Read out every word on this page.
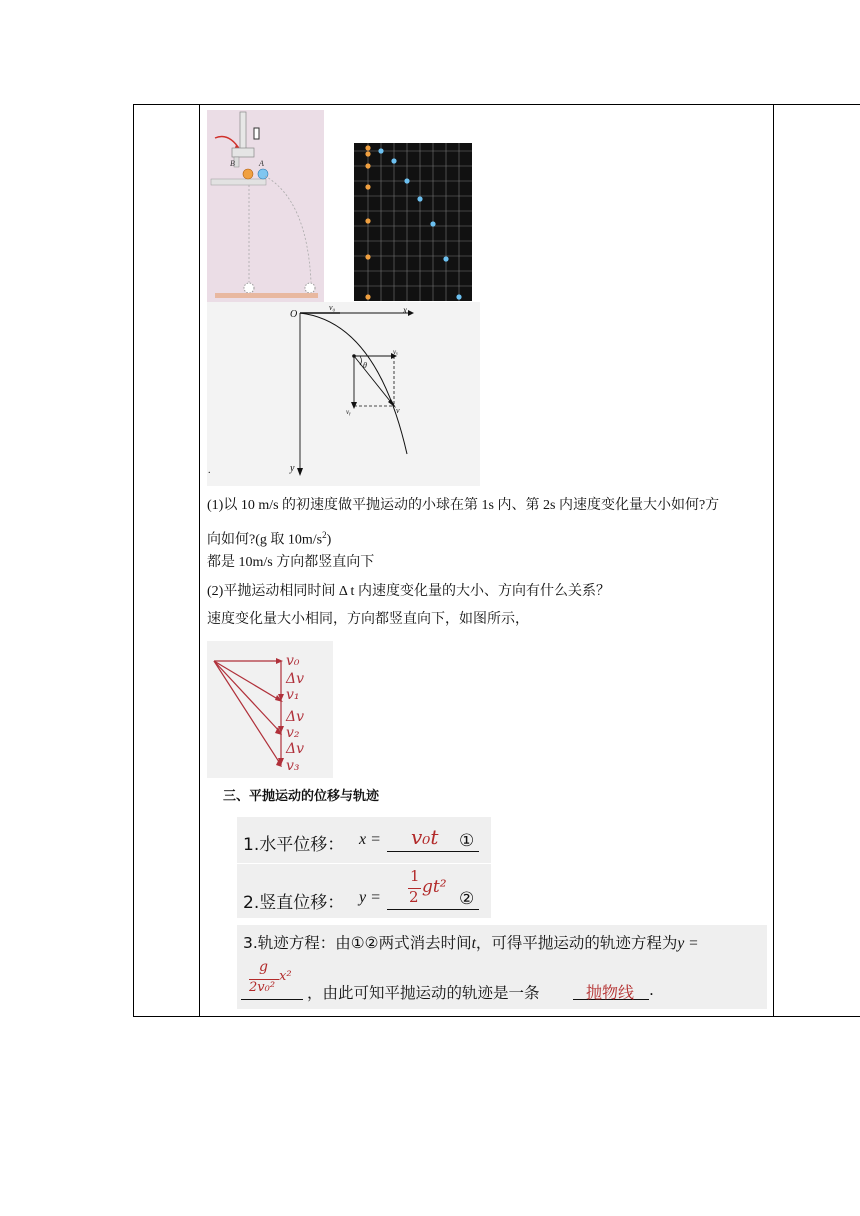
B	A
O
v₀	x
vₓ
θ
vᵧ	v
y
.
(1)以 10 m/s 的初速度做平抛运动的小球在第 1s 内、第 2s 内速度变化量大小如何?方
向如何?(g 取 $10m/s^2$)
都是 10m/s 方向都竖直向下
(2)平抛运动相同时间 Δ t 内速度变化量的大小、方向有什么关系？
速度变化量大小相同，方向都竖直向下，如图所示，
v₀
Δv
v₁
Δv
v₂
Δv
v₃
三、平抛运动的位移与轨迹
1.水平位移： x = v₀t ①
2.竖直位移： y =
1
2 gt²
②
3.轨迹方程：由①②两式消去时间t，可得平抛运动的轨迹方程为y =
g
2v₀²
x²
，由此可知平抛运动的轨迹是一条	抛物线 .
